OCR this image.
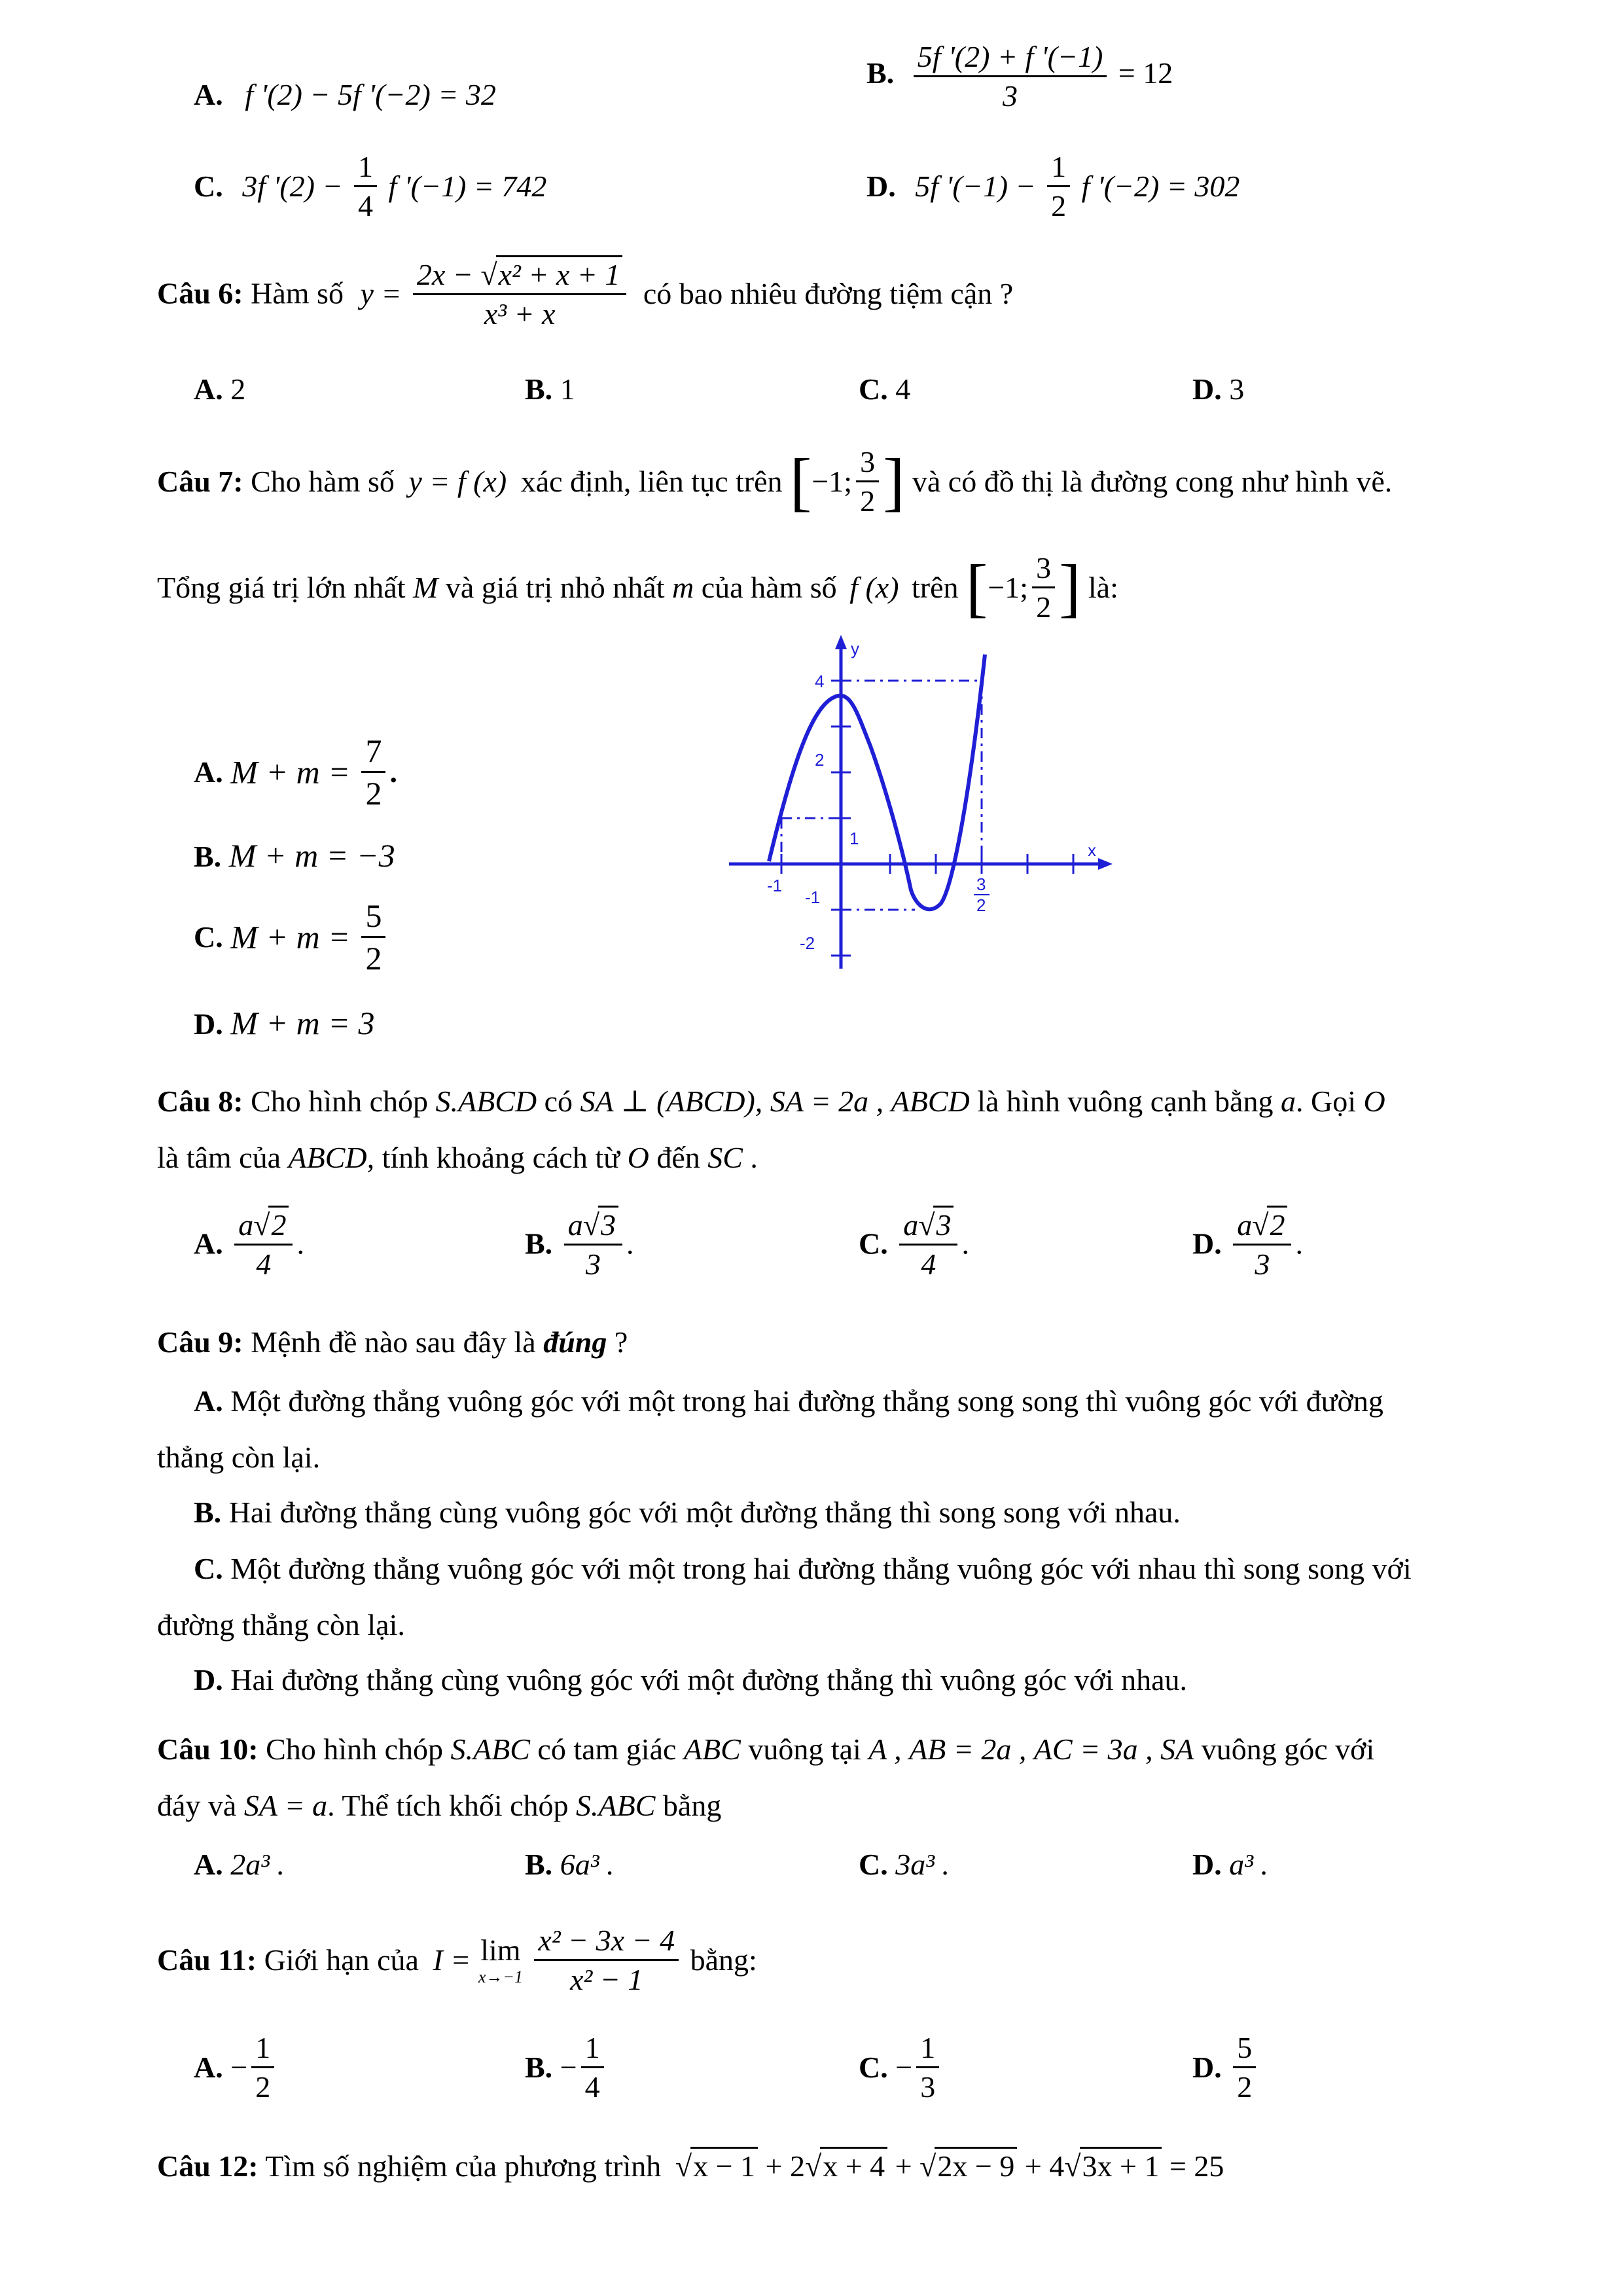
A. f '(2) − 5f '(−2) = 32
B. $\frac{5f '(2) + f '(-1)}{3} = 12$
C. 3f '$(2) - \frac{1}{4}$ f '(−1) = 742	D. 5f '$(-1) - \frac{1}{2}$ f '(−2) = 302
Câu 6: Hàm số $y = \frac{\text{2x − √x² + x + 1}}{\text{x³ + x}}$ có bao nhiêu đường tiệm cận ?
A. 2	B. 1	C. 4	D. 3
Câu 7: Cho hàm số y = f (x) xác định, liên tục trên [−1; $\frac{3}{2}$ ] và có đồ thị là đường cong như hình vẽ.
Tổng giá trị lớn nhất M và giá trị nhỏ nhất m của hàm số f (x) trên [−1; $\frac{3}{2}$ ] là:
A. $M + m = \frac{7}{2}$ .
B. M + m = −3
C. $M + m = \frac{5}{2}$
D. M + m = 3
y
x
4
2
1
-1
-2
-1	3
2
Câu 8: Cho hình chóp S.ABCD có SA ⊥ (ABCD), SA = 2a , ABCD là hình vuông cạnh bằng a. Gọi O
là tâm của ABCD, tính khoảng cách từ O đến SC .
A. $\frac{a√2}{4}$ .	B. $\frac{a√3}{3}$ .	C. $\frac{a√3}{4}$ .	D. $\frac{a√2}{3}$ .
Câu 9: Mệnh đề nào sau đây là đúng ?
A. Một đường thẳng vuông góc với một trong hai đường thẳng song song thì vuông góc với đường
thẳng còn lại.
B. Hai đường thẳng cùng vuông góc với một đường thẳng thì song song với nhau.
C. Một đường thẳng vuông góc với một trong hai đường thẳng vuông góc với nhau thì song song với
đường thẳng còn lại.
D. Hai đường thẳng cùng vuông góc với một đường thẳng thì vuông góc với nhau.
Câu 10: Cho hình chóp S.ABC có tam giác ABC vuông tại A , AB = 2a , AC = 3a , SA vuông góc với
đáy và SA = a. Thể tích khối chóp S.ABC bằng
A. 2a³ .	B. 6a³ .	C. 3a³ .	D. a³ .
Câu 11: Giới hạn của I = lim
x→−1
$\frac{\text{x² − 3x − 4}}{\text{x² − 1}}$ bằng:
A. − $\frac{1}{2}$	B. − $\frac{1}{4}$	C. − $\frac{1}{3}$	D. $\frac{5}{2}$
Câu 12: Tìm số nghiệm của phương trình √x − 1 + 2√x + 4 + √2x − 9 + 4√3x + 1 = 25
